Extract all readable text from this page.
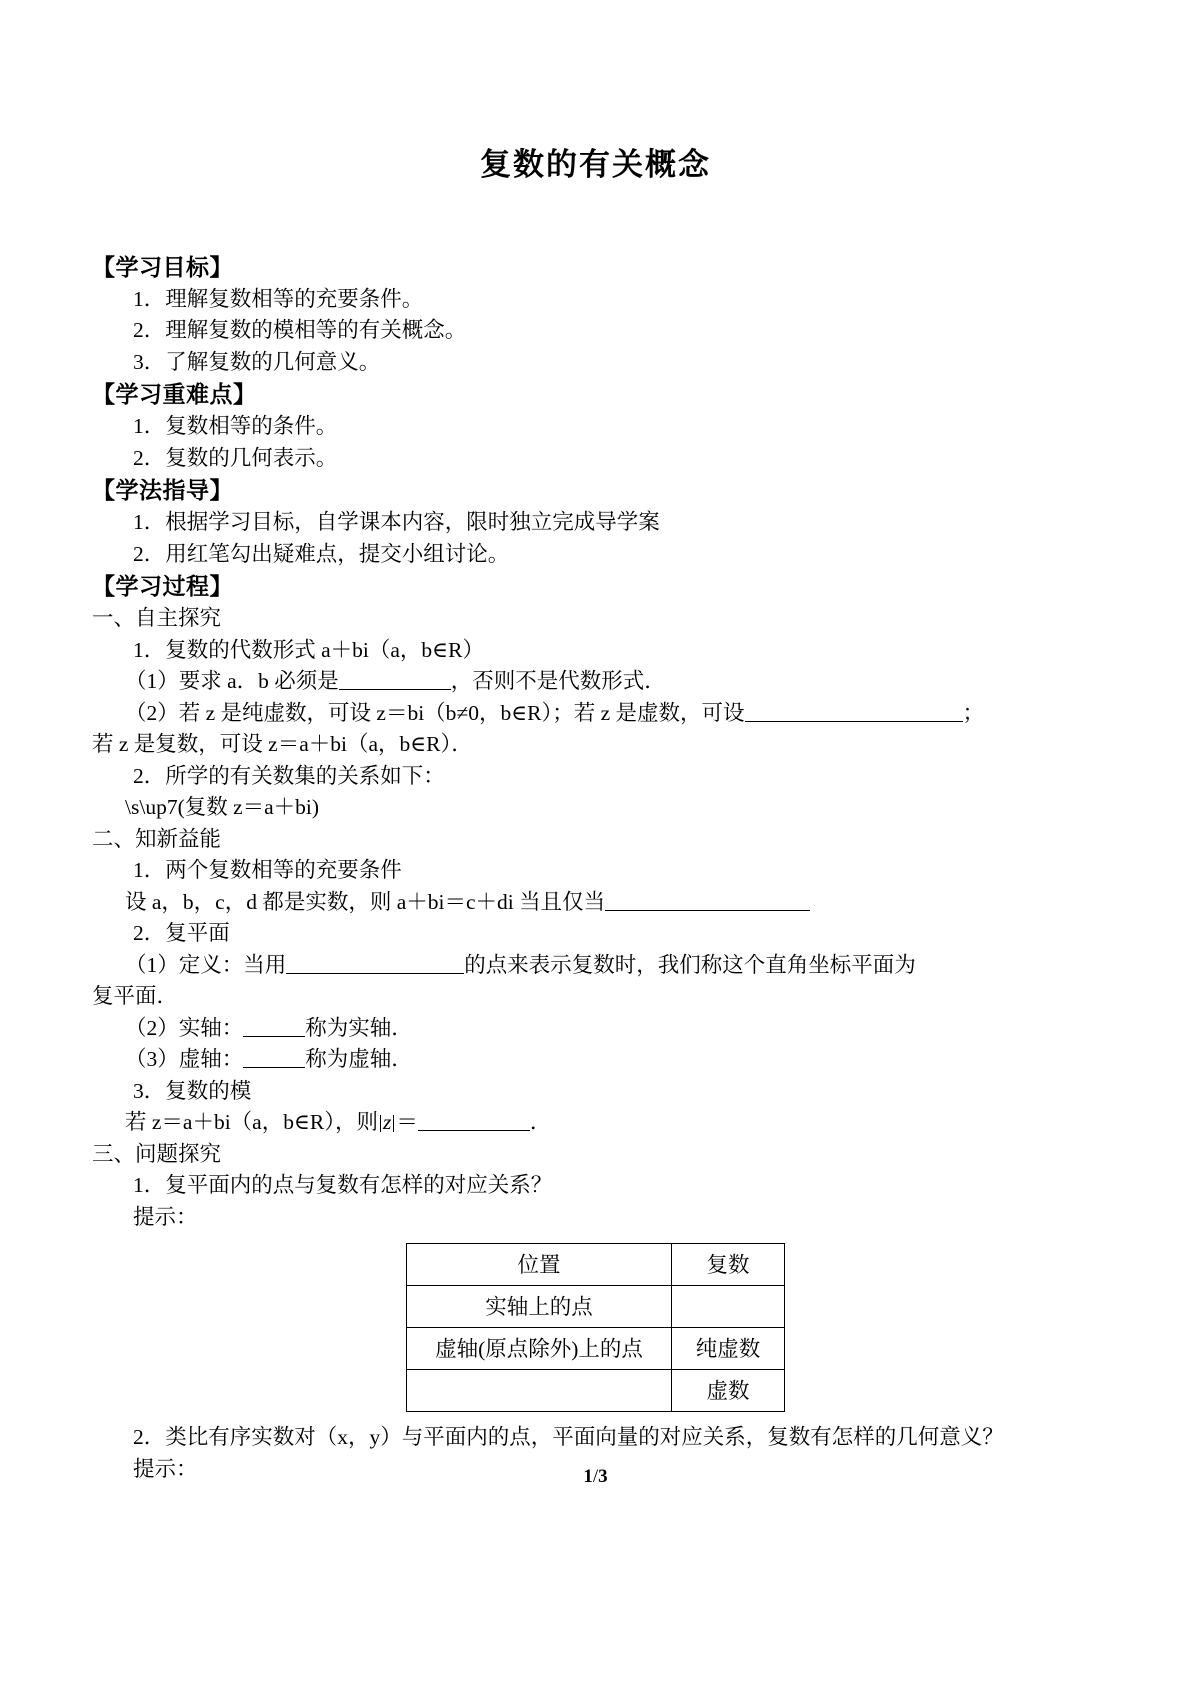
复数的有关概念

【学习目标】

1．理解复数相等的充要条件。

2．理解复数的模相等的有关概念。

3．了解复数的几何意义。

【学习重难点】

1．复数相等的条件。

2．复数的几何表示。

【学法指导】

1．根据学习目标，自学课本内容，限时独立完成导学案

2．用红笔勾出疑难点，提交小组讨论。

【学习过程】

一、自主探究

1．复数的代数形式 a＋bi（a，b∈R）

（1）要求 a．b 必须是	，否则不是代数形式．

（2）若 z 是纯虚数，可设 z＝bi（b≠0，b∈R）；若 z 是虚数，可设	；

若 z 是复数，可设 z＝a＋bi（a，b∈R）．

2．所学的有关数集的关系如下：

\s\up7(复数 z＝a＋bi)

二、知新益能

1．两个复数相等的充要条件

设 a，b，c，d 都是实数，则 a＋bi＝c＋di 当且仅当

2．复平面

（1）定义：当用	的点来表示复数时，我们称这个直角坐标平面为

复平面．

（2）实轴：	称为实轴．

（3）虚轴：	称为虚轴．

3．复数的模

若 z＝a＋bi（a，b∈R），则 z ＝	．

三、问题探究

1．复平面内的点与复数有怎样的对应关系？

提示：

位置	复数
实轴上的点	
虚轴(原点除外)上的点	纯虚数
	虚数

2．类比有序实数对（x，y）与平面内的点，平面向量的对应关系，复数有怎样的几何意义？

提示：	1/3
